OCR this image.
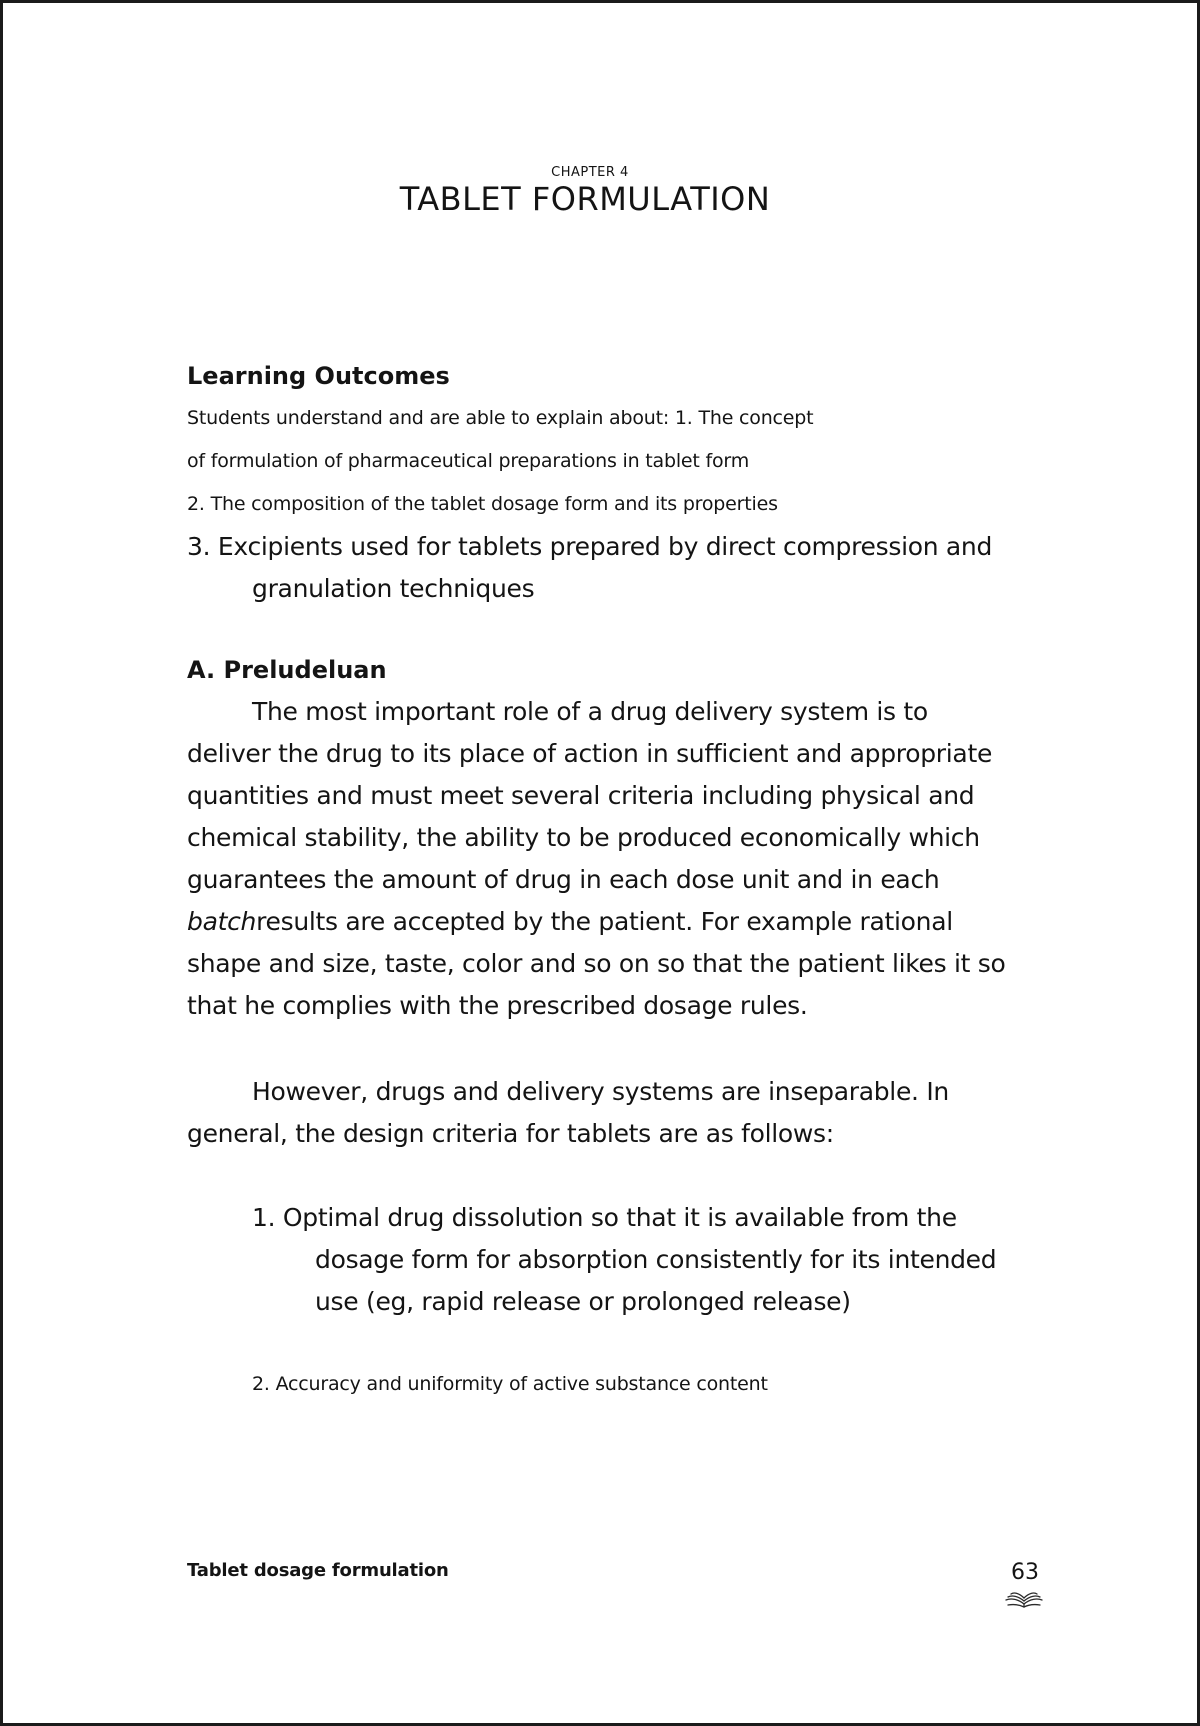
CHAPTER 4
TABLET FORMULATION

Learning Outcomes

Students understand and are able to explain about: 1. The concept

of formulation of pharmaceutical preparations in tablet form

2. The composition of the tablet dosage form and its properties

3. Excipients used for tablets prepared by direct compression and

granulation techniques

A. Preludeluan

The most important role of a drug delivery system is to

deliver the drug to its place of action in sufficient and appropriate

quantities and must meet several criteria including physical and

chemical stability, the ability to be produced economically which

guarantees the amount of drug in each dose unit and in each

batchresults are accepted by the patient. For example rational

shape and size, taste, color and so on so that the patient likes it so

that he complies with the prescribed dosage rules.

However, drugs and delivery systems are inseparable. In

general, the design criteria for tablets are as follows:

1. Optimal drug dissolution so that it is available from the
dosage form for absorption consistently for its intended
use (eg, rapid release or prolonged release)
2. Accuracy and uniformity of active substance content
Tablet dosage formulation	63
